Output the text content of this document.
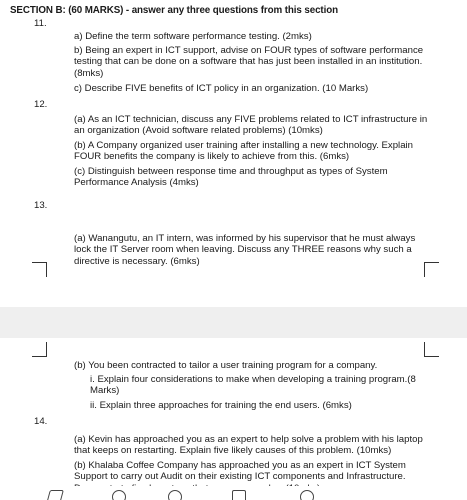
SECTION B: (60 MARKS) - answer any three questions from this section
11.
a) Define the term software performance testing. (2mks)
b) Being an expert in ICT support, advise on FOUR types of software performance testing that can be done on a software that has just been installed in an institution.(8mks)
c) Describe FIVE benefits of ICT policy in an organization. (10 Marks)
12.
(a) As an ICT technician, discuss any FIVE problems related to ICT infrastructure in an organization (Avoid software related problems) (10mks)
(b) A Company organized user training after installing a new technology. Explain FOUR benefits the company is likely to achieve from this. (6mks)
(c) Distinguish between response time and throughput as types of System Performance Analysis (4mks)
13.
(a) Wanangutu, an IT intern, was informed by his supervisor that he must always lock the IT Server room when leaving. Discuss any THREE reasons why such a directive is necessary. (6mks)
(b) You been contracted to tailor a user training program for a company.
i. Explain four considerations to make when developing a training program.(8 Marks)
ii. Explain three approaches for training the end users. (6mks)
14.
(a) Kevin has approached you as an expert to help solve a problem with his laptop that keeps on restarting. Explain five likely causes of this problem. (10mks)
(b) Khalaba Coffee Company has approached you as an expert in ICT System Support to carry out Audit on their existing ICT components and Infrastructure.
